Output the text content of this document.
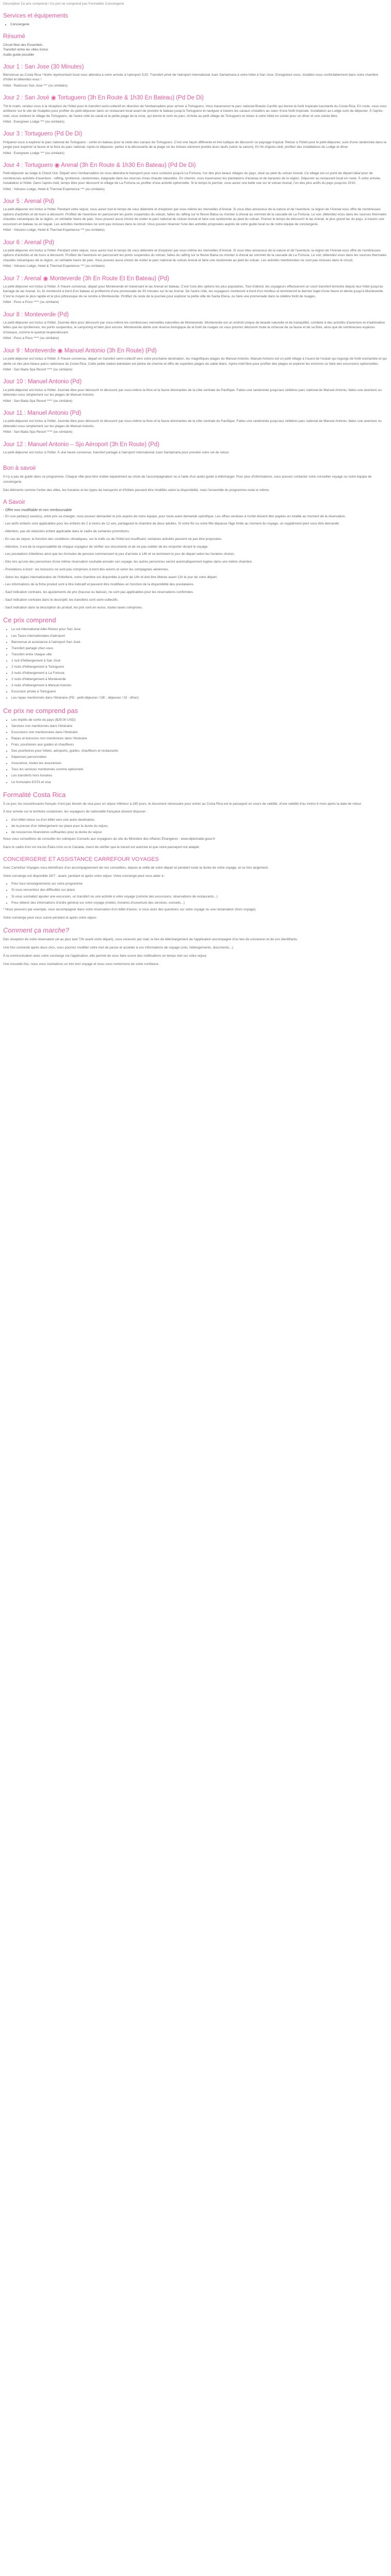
Description Ce prix comprend / Ce prix ne comprend pas Formalités Conciergerie
Services et équipements
• Conciergerie
Résumé

Circuit libre des Essentiels

Transfert entre les villes inclus

Audio guide possible

Jour 1 : San Jose (30 Minutes)

Bienvenue au Costa Rica ! Notre représentant local vous attendra à votre arrivée à l'aéroport SJO. Transfert privé de l'aéroport international Juan Santamaria à votre hôtel à San Jose. Enregistrez-vous, installez-vous confortablement dans votre chambre d'hôtel et détendez-vous !

Hôtel : Radisson San Jose *** (ou similaire)

Jour 2 : San José ◉ Tortuguero (3h En Route & 1h30 En Bateau) (Pd De Di)

Tôt le matin, rendez-vous à la réception de l'hôtel pour le transfert semi-collectif en direction de l'embarcadère pour arriver à Tortuguero. Vous traverserez le parc national Braulio Carrillo qui donne la forêt tropicale luxuriante du Costa Rica. En route, vous vous arrêterez sur le site de Guápiles pour profiter du petit-déjeuner dans un restaurant local avant de prendre le bateau jusqu'à Tortuguero et naviguer à travers les canaux cristallins au cœur d'une forêt tropicale. Installation au Lodge suivi de déjeuner. À l'après-midi, vous visiterez le village de Tortuguero, de l'autre côté du canal et la petite plage de la zone, qui donne le nom du parc. Arrivée au petit village de Tortuguero et retour à votre hôtel en soirée pour un dîner et une soirée libre.

Hôtel : Evergreen Lodge *** (ou similaire)

Jour 3 : Tortuguero (Pd De Di)

Préparez-vous à explorer le parc national de Tortuguero : sortie en bateau pour la visite des canaux de Tortuguero. C'est une façon différente et très ludique de découvrir ce paysage tropical. Retour à l'hôtel pour le petit-déjeuner, suivi d'une randonnée dans la jungle pour explorer la faune et la flore du parc national. Après le déjeuner, partez à la découverte de la plage où les tortues viennent pondre leurs œufs (selon la saison). En fin d'après-midi, profitez des installations du Lodge et dîner.

Hôtel : Evergreen Lodge *** (ou similaire)

Jour 4 : Tortuguero ◉ Arenal (3h En Route & 1h30 En Bateau) (Pd De Di)

Petit-déjeuner au lodge & Check Out. Départ vers l'embarcadère où vous attendra le transport pour vous conduire jusqu'à La Fortuna, l'un des plus beaux villages du pays, situé au pied du volcan Arenal. Ce village est un point de départ idéal pour de nombreuses activités d'aventure : rafting, tyrolienne, randonnées, baignade dans les sources d'eau chaude naturelles. En chemin, vous traverserez les plantations d'ananas et de bananes de la région. Déjeuner au restaurant local en route. À votre arrivée, installation à l'hôtel. Dans l'après-midi, temps libre pour découvrir le village de La Fortuna ou profiter d'une activité optionnelle. Si le temps le permet, vous aurez une belle vue sur le volcan Arenal, l'un des plus actifs du pays jusqu'en 2010.

Hôtel : Volcano Lodge, Hotel & Thermal Experience *** (ou similaire)

Jour 5 : Arenal (Pd)

Le petit-déjeuner est inclus à l'hôtel. Pendant votre séjour, vous aurez tout le temps de vous détendre et d'explorer par vous-même les merveilles d'Arenal. Si vous êtes amoureux de la nature et de l'aventure, la région de l'Arenal vous offre de nombreuses options d'activités et de tours à découvrir. Profitez de l'aventure en parcourant les ponts suspendus du volcan, faites du rafting sur le fleuve Balsa ou montez à cheval au sommet de la cascade de La Fortuna. Le soir, détendez-vous dans les sources thermales chaudes volcaniques de la région, un véritable havre de paix. Vous pouvez aussi choisir de visiter le parc national du volcan Arenal et faire une randonnée au pied du volcan. Prenez le temps de découvrir le lac Arenal, le plus grand lac du pays, à travers une excursion en bateau ou en kayak. Les activités mentionnées ne sont pas incluses dans le circuit. Vous pouvez réserver l'une des activités proposées auprès de votre guide local ou de notre équipe de conciergerie.

Hôtel : Volcano Lodge, Hotel & Thermal Experience *** (ou similaire)

Jour 6 : Arenal (Pd)

Le petit-déjeuner est inclus à l'hôtel. Pendant votre séjour, vous aurez tout le temps de vous détendre et d'explorer par vous-même les merveilles d'Arenal. Si vous êtes amoureux de la nature et de l'aventure, la région de l'Arenal vous offre de nombreuses options d'activités et de tours à découvrir. Profitez de l'aventure en parcourant les ponts suspendus du volcan, faites du rafting sur le fleuve Balsa ou montez à cheval au sommet de la cascade de La Fortuna. Le soir, détendez-vous dans les sources thermales chaudes volcaniques de la région, un véritable havre de paix. Vous pouvez aussi choisir de visiter le parc national du volcan Arenal et faire une randonnée au pied du volcan. Les activités mentionnées ne sont pas incluses dans le circuit.

Hôtel : Volcano Lodge, Hotel & Thermal Experience *** (ou similaire)

Jour 7 : Arenal ◉ Monteverde (3h En Route Et En Bateau) (Pd)

Le petit-déjeuner est inclus à l'hôtel. À l'heure convenue, départ pour Monteverde en traversant le lac Arenal en bateau. C'est l'une des options les plus populaires. Tout d'abord, les voyageurs effectueront un court transfert terrestre depuis leur hôtel jusqu'au barrage du lac Arenal. Ici, ils monteront à bord d'un bateau et profiteront d'une promenade de 30 minutes sur le lac Arenal. De l'autre côté, les voyageurs monteront à bord d'un minibus et termineront le dernier trajet d'une heure et demie jusqu'à Monteverde. C'est le moyen le plus rapide et le plus pittoresque de se rendre à Monteverde. Profitez du reste de la journée pour explorer la petite ville de Santa Elena, ou faire une promenade dans la célèbre forêt de nuages.

Hôtel : Poco a Poco **** (ou similaire)

Jour 8 : Monteverde (Pd)

Le petit-déjeuner est inclus à l'hôtel. Journée libre pour découvrir par vous-même les nombreuses merveilles naturelles de Monteverde. Monteverde est un endroit unique de beauté naturelle et de tranquillité, combiné à des activités d'aventure et d'adrénaline telles que les tyroliennes, les ponts suspendus, le canyoning et bien plus encore. Monteverde abrite une réserve biologique de la forêt de nuages où vous pourrez découvrir toute la richesse de sa faune et de sa flore, ainsi que de nombreuses espèces d'oiseaux, comme le quetzal resplendissant.

Hôtel : Poco a Poco **** (ou similaire)

Jour 9 : Monteverde ◉ Manuel Antonio (3h En Route) (Pd)

Le petit-déjeuner est inclus à l'hôtel. À l'heure convenue, départ en transfert semi-collectif vers votre prochaine destination, les magnifiques plages du Manuel Antonio. Manuel Antonio est un petit village à l'ouest de l'océan qui regorge de forêt enchantée et qui abrite un des plus beaux parcs nationaux du Costa Rica. Cette petite station balnéaire est pleine de charme et offre de superbes plages de sable blanc. Après-midi libre pour profiter des plages et explorer les environs ou faire des excursions optionnelles.

Hôtel : San Bada Spa Resort **** (ou similaire)

Jour 10 : Manuel Antonio (Pd)

Le petit-déjeuner est inclus à l'hôtel. Journée libre pour découvrir et découvrir par vous-même la flore et la faune étonnantes de la côte centrale du Pacifique. Faites une randonnée jusqu'aux célèbres parc national de Manuel Antonio, faites une aventure ou détendez-vous simplement sur les plages de Manuel Antonio.

Hôtel : San Bada Spa Resort **** (ou similaire)

Jour 11 : Manuel Antonio (Pd)

Le petit-déjeuner est inclus à l'hôtel. Journée libre pour découvrir et découvrir par vous-même la flore et la faune étonnantes de la côte centrale du Pacifique. Faites une randonnée jusqu'aux célèbres parc national de Manuel Antonio, faites une aventure ou détendez-vous simplement sur les plages de Manuel Antonio.

Hôtel : San Bada Spa Resort **** (ou similaire)

Jour 12 : Manuel Antonio – Sjo Aéroport (3h En Route) (Pd)

Le petit-déjeuner est inclus à l'hôtel. À une heure convenue, transfert partagé à l'aéroport international Juan Santamaria pour prendre votre vol de retour.

Bon à savoir

Il n'y a pas de guide dans ce programme. Chaque ville peut être visitée séparément au choix de l'accompagnateur ou à l'aide d'un audio guide à télécharger. Pour plus d'informations, vous pouvez contacter votre conseiller voyage ou notre équipe de conciergerie.

Des éléments comme l'ordre des villes, les horaires et les types de transports et d'hôtels peuvent être modifiés selon la disponibilité, mais l'ensemble du programme reste le même.

A Savoir

- Offre non modifiable et non remboursable

- En une partie(s) seule(s), votre prix va changer, vous pouvez demander le prix auprès de notre équipe, pour toute autre demande spécifique. Les offres vendues à l'unité doivent être payées en totalité au moment de la réservation.

- Les tarifs enfants sont applicables pour les enfants de 2 à moins de 12 ans, partageant la chambre de deux adultes. Si votre fils ou votre fille dépasse l'âge limite au moment du voyage, un supplément peut vous être demandé.

- Attention, pas de réduction enfant applicable dans le cadre de certaines promotions.

- En cas de séjour, la fonction des conditions climatiques, sur le trafic ou de l'hôtel est insuffisant, certaines activités peuvent ne pas être proposées.

- Attention, il est de la responsabilité de chaque voyageur de vérifier ses documents et de ne pas oublier de les emporter durant le voyage.

- Les prestations hôtelières ainsi que les formules de pension commencent le jour d'arrivée à 14h et se terminent le jour de départ selon les horaires choisis.

- Dès lors qu'une des personnes d'une même réservation souhaite annuler son voyage, les autres personnes seront automatiquement logées dans une même chambre.

- Prestations à bord : les boissons ne sont pas comprises à bord des avions et selon les compagnies aériennes.

- Selon les règles internationales de l'hôtellerie, votre chambre est disponible à partir de 14h et doit être libérée avant 12h le jour de votre départ.

- Les informations de la fiche produit sont à titre indicatif et peuvent être modifiées en fonction de la disponibilité des prestataires.

- Sauf indication contraire, les ajustements de prix (hausse ou baisse), ne sont pas applicables pour les réservations confirmées.

- Sauf indication contraire dans le descriptif, les transferts sont semi-collectifs.

- Sauf indication dans la description du produit, les prix sont en euros, toutes taxes comprises.

Ce prix comprend
• Le vol international Aller-Retour pour San Jose
• Les Taxes internationales d'aéroport
• Bienvenue et assistance à l'aéroport San José.
• Transfert partagé chez-vous
• Transfert entre chaque ville
• 1 nuit d'hébergement à San José
• 2 nuits d'hébergement à Tortuguero
• 3 nuits d'hébergement à La Fortuna
• 2 nuits d'hébergement à Monteverde
• 3 nuits d'hébergement à Manuel Antonio
• Excursion privée à Tortuguero
• Les repas mentionnés dans l'itinéraire (PD : petit-déjeuner / DE : déjeuner / DI : dîner)
Ce prix ne comprend pas
• Les impôts de sortie du pays ($29.00 USD)
• Services non mentionnés dans l'itinéraire
• Excursions non mentionnées dans l'itinéraire
• Repas et boissons non mentionnés dans l'itinéraire
• Frais, pourboires aux guides et chauffeurs
• Des pourboires pour hôtels, aéroports, guides, chauffeurs et restaurants
• Dépenses personnelles
• Assurance, toutes les assurances
• Tous les services mentionnés comme optionnels
• Les transferts hors horaires
• Le formulaire ESTA et visa
Formalité Costa Rica

À ce jour, les ressortissants français n'ont pas besoin de visa pour un séjour inférieur à 180 jours, le document nécessaire pour entrer au Costa Rica est le passeport en cours de validité, d'une validité d'au moins 6 mois après la date de retour.

À leur arrivée sur le territoire costaricien, les voyageurs de nationalité française doivent disposer :

• d'un billet retour ou d'un billet vers une autre destination,
• de la preuve d'un hébergement sur place pour la durée du séjour,
• de ressources financières suffisantes pour la durée du séjour.

Nous vous conseillons de consulter les rubriques Conseils aux voyageurs du site du Ministère des Affaires Étrangères : www.diplomatie.gouv.fr

Dans le cadre d'un vol via les États-Unis ou le Canada, merci de vérifier que le transit est autorisé et que votre passeport est adapté.

CONCIERGERIE ET ASSISTANCE CARREFOUR VOYAGES

Avec Carrefour Voyages vous bénéficiez d'un accompagnement de nos conseillers, depuis la veille de votre départ et pendant toute la durée de votre voyage, et ce très largement.

Votre concierge est disponible 24/7 : avant, pendant et après votre séjour. Votre concierge peut vous aider à :

• Pour tous renseignements sur votre programme
• Si vous rencontrez des difficultés sur place
• Si vous souhaitez ajouter une excursion, un transfert ou une activité à votre voyage (comme des excursions, réservations de restaurants...)
• Pour obtenir des informations d'ordre général sur votre voyage (météo, horaires d'ouverture des services, conseils...)

* Nous pouvons par exemple, vous accompagner dans votre réservation d'un billet d'avion, si vous avez des questions sur votre voyage ou une réclamation (hors voyage).

Votre concierge peut vous suivre pendant et après votre séjour.

Comment ça marche?

Dès réception de votre réservation (et au plus tard 72h avant votre départ), vous recevrez par mail, le lien de téléchargement de l'application accompagné d'un lien de connexion et de vos identifiants.

Une fois connecté après deux clics, vous pourrez modifier votre mot de passe et accéder à vos informations de voyage (vols, hébergements, documents...).

À la communication avec votre concierge via l'application, elle permet de vous faire suivre des notifications en temps réel sur votre séjour.

Une nouvelle fois, nous vous souhaitons un très bon voyage et nous vous remercions de votre confiance.
